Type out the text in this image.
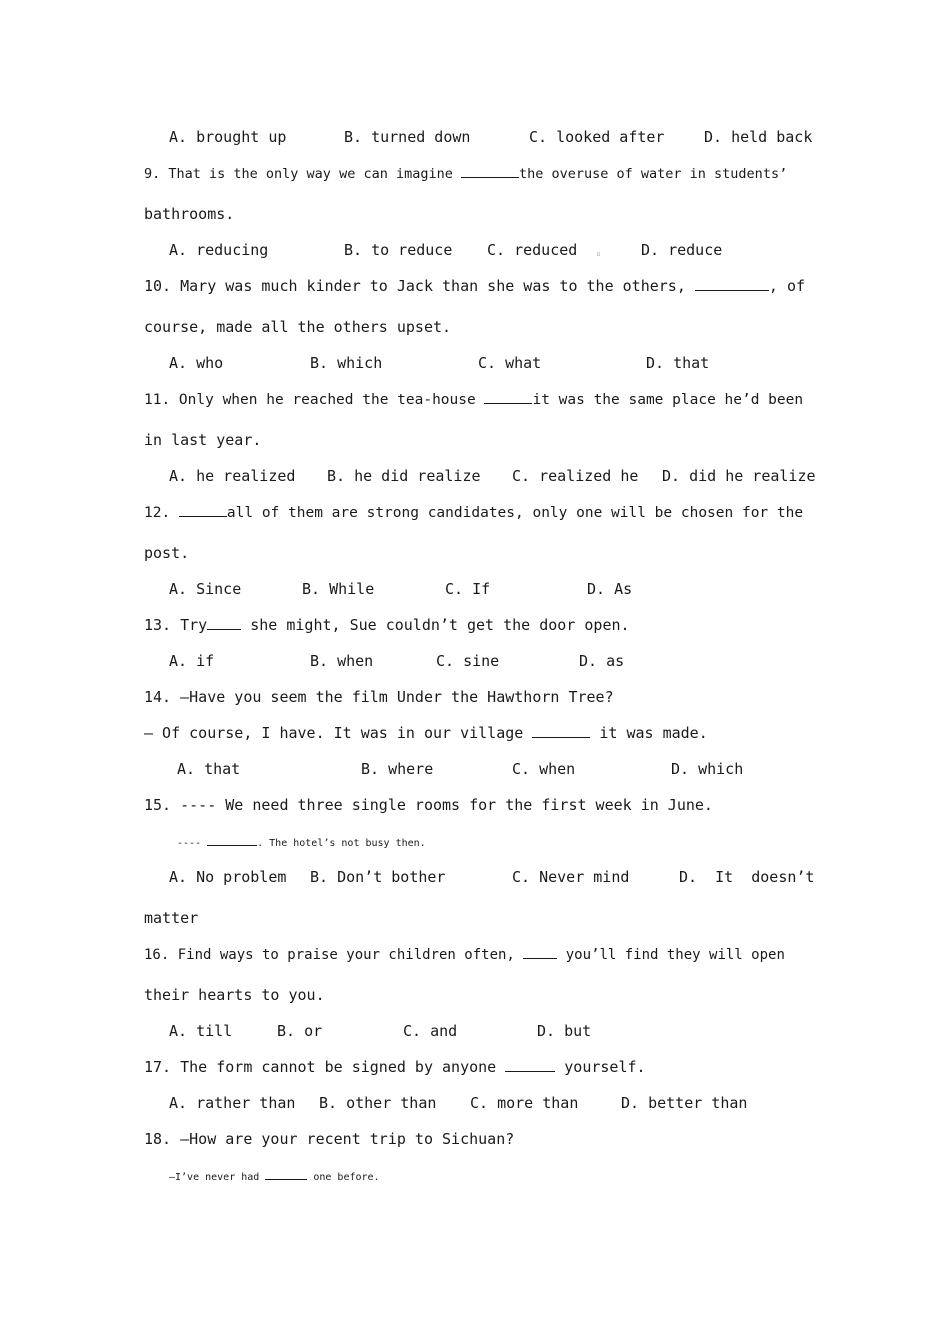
A. brought up	B. turned down	C. looked after	D. held back
9. That is the only way we can imagine	the overuse of water in students’
bathrooms.
A. reducing	B. to reduce C. reduced ▫	D. reduce
10. Mary was much kinder to Jack than she was to the others,	, of
course, made all the others upset.
A. who	B. which	C. what	D. that
11. Only when he reached the tea-house	it was the same place he’d been
in last year.
A. he realized B. he did realize C. realized he D. did he realize
12.	all of them are strong candidates, only one will be chosen for the
post.
A. Since	B. While	C. If	D. As
13. Try she might, Sue couldn’t get the door open.
A. if	B. when	C. sine	D. as
14. —Have you seem the film Under the Hawthorn Tree?
— Of course, I have. It was in our village	it was made.
A. that	B. where	C. when	D. which
15. ---- We need three single rooms for the first week in June.
----	. The hotel’s not busy then.
A. No problem B. Don’t bother	C. Never mind	D.  It  doesn’t
matter
16. Find ways to praise your children often,  you’ll find they will open
their hearts to you.
A. till	B. or	C. and	D. but
17. The form cannot be signed by anyone	yourself.
A. rather than B. other than C. more than	D. better than
18. —How are your recent trip to Sichuan?
—I’ve never had	one before.
